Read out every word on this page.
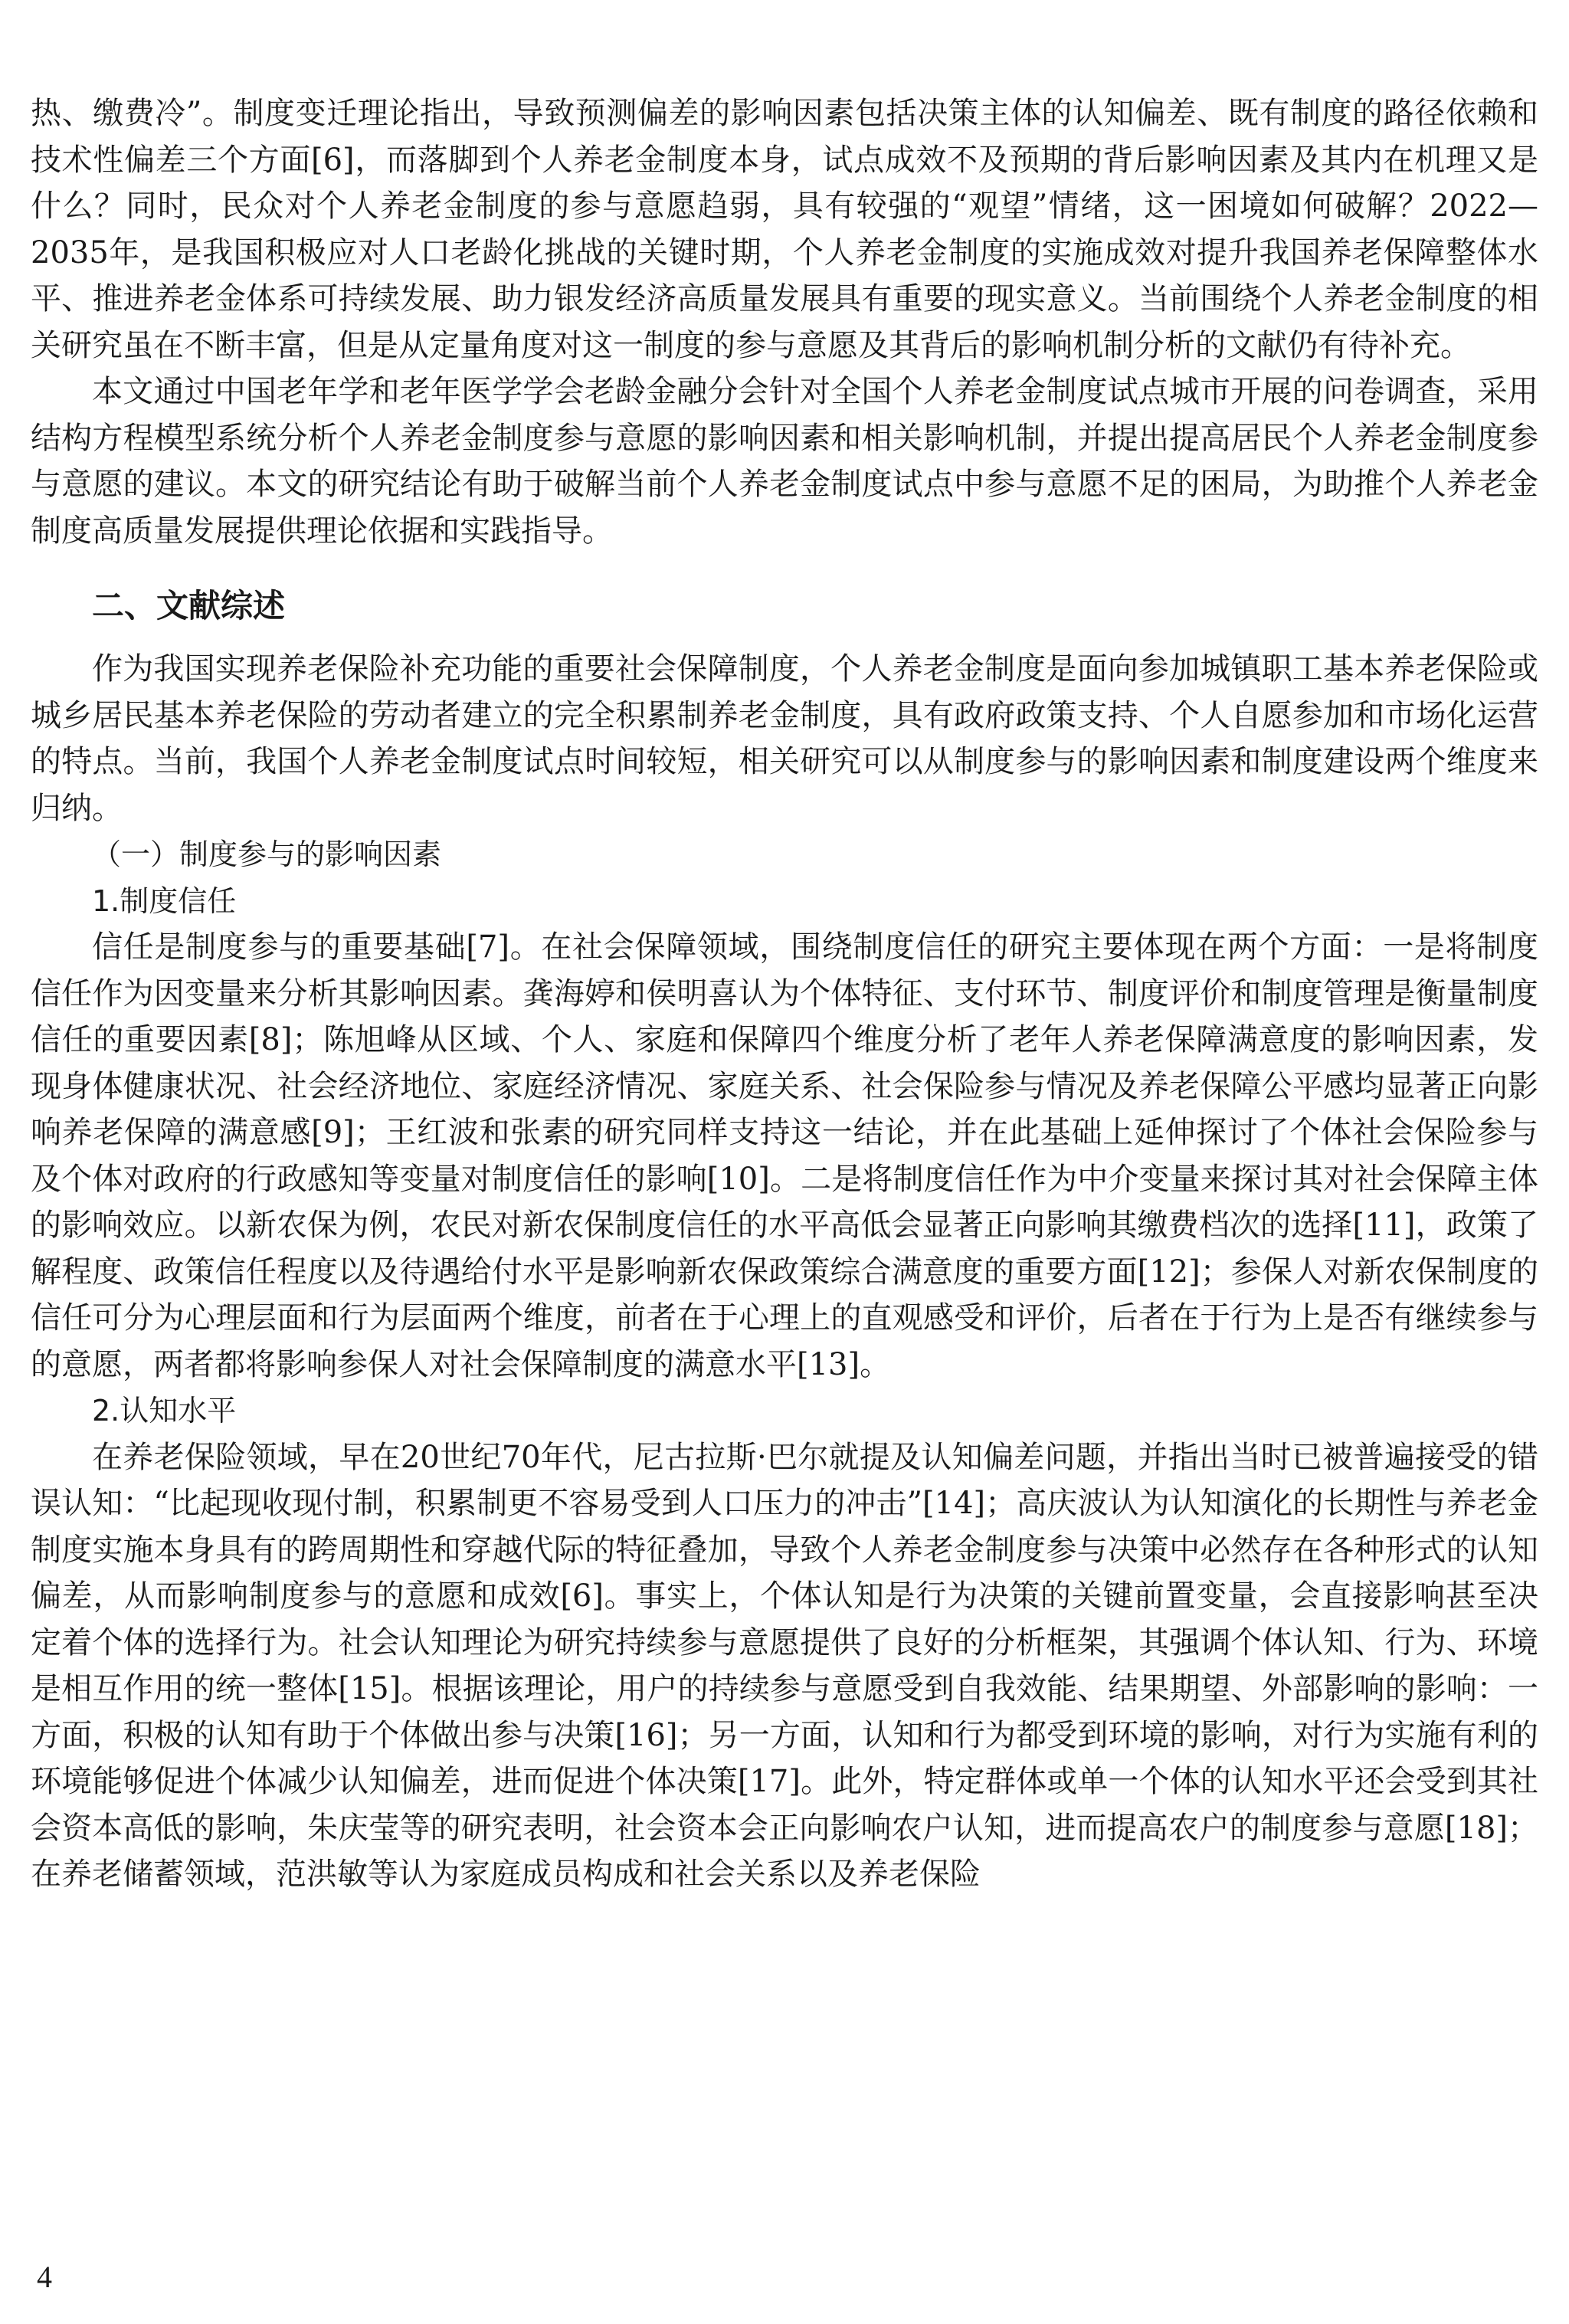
热、缴费冷”。制度变迁理论指出，导致预测偏差的影响因素包括决策主体的认知偏差、既有制度的路径依赖和技术性偏差三个方面[6]，而落脚到个人养老金制度本身，试点成效不及预期的背后影响因素及其内在机理又是什么？同时，民众对个人养老金制度的参与意愿趋弱，具有较强的“观望”情绪，这一困境如何破解？2022—2035年，是我国积极应对人口老龄化挑战的关键时期，个人养老金制度的实施成效对提升我国养老保障整体水平、推进养老金体系可持续发展、助力银发经济高质量发展具有重要的现实意义。当前围绕个人养老金制度的相关研究虽在不断丰富，但是从定量角度对这一制度的参与意愿及其背后的影响机制分析的文献仍有待补充。

本文通过中国老年学和老年医学学会老龄金融分会针对全国个人养老金制度试点城市开展的问卷调查，采用结构方程模型系统分析个人养老金制度参与意愿的影响因素和相关影响机制，并提出提高居民个人养老金制度参与意愿的建议。本文的研究结论有助于破解当前个人养老金制度试点中参与意愿不足的困局，为助推个人养老金制度高质量发展提供理论依据和实践指导。

二、文献综述

作为我国实现养老保险补充功能的重要社会保障制度，个人养老金制度是面向参加城镇职工基本养老保险或城乡居民基本养老保险的劳动者建立的完全积累制养老金制度，具有政府政策支持、个人自愿参加和市场化运营的特点。当前，我国个人养老金制度试点时间较短，相关研究可以从制度参与的影响因素和制度建设两个维度来归纳。

（一）制度参与的影响因素

1.制度信任

信任是制度参与的重要基础[7]。在社会保障领域，围绕制度信任的研究主要体现在两个方面：一是将制度信任作为因变量来分析其影响因素。龚海婷和侯明喜认为个体特征、支付环节、制度评价和制度管理是衡量制度信任的重要因素[8]；陈旭峰从区域、个人、家庭和保障四个维度分析了老年人养老保障满意度的影响因素，发现身体健康状况、社会经济地位、家庭经济情况、家庭关系、社会保险参与情况及养老保障公平感均显著正向影响养老保障的满意感[9]；王红波和张素的研究同样支持这一结论，并在此基础上延伸探讨了个体社会保险参与及个体对政府的行政感知等变量对制度信任的影响[10]。二是将制度信任作为中介变量来探讨其对社会保障主体的影响效应。以新农保为例，农民对新农保制度信任的水平高低会显著正向影响其缴费档次的选择[11]，政策了解程度、政策信任程度以及待遇给付水平是影响新农保政策综合满意度的重要方面[12]；参保人对新农保制度的信任可分为心理层面和行为层面两个维度，前者在于心理上的直观感受和评价，后者在于行为上是否有继续参与的意愿，两者都将影响参保人对社会保障制度的满意水平[13]。

2.认知水平

在养老保险领域，早在20世纪70年代，尼古拉斯·巴尔就提及认知偏差问题，并指出当时已被普遍接受的错误认知：“比起现收现付制，积累制更不容易受到人口压力的冲击”[14]；高庆波认为认知演化的长期性与养老金制度实施本身具有的跨周期性和穿越代际的特征叠加，导致个人养老金制度参与决策中必然存在各种形式的认知偏差，从而影响制度参与的意愿和成效[6]。事实上，个体认知是行为决策的关键前置变量，会直接影响甚至决定着个体的选择行为。社会认知理论为研究持续参与意愿提供了良好的分析框架，其强调个体认知、行为、环境是相互作用的统一整体[15]。根据该理论，用户的持续参与意愿受到自我效能、结果期望、外部影响的影响：一方面，积极的认知有助于个体做出参与决策[16]；另一方面，认知和行为都受到环境的影响，对行为实施有利的环境能够促进个体减少认知偏差，进而促进个体决策[17]。此外，特定群体或单一个体的认知水平还会受到其社会资本高低的影响，朱庆莹等的研究表明，社会资本会正向影响农户认知，进而提高农户的制度参与意愿[18]；在养老储蓄领域，范洪敏等认为家庭成员构成和社会关系以及养老保险

4
